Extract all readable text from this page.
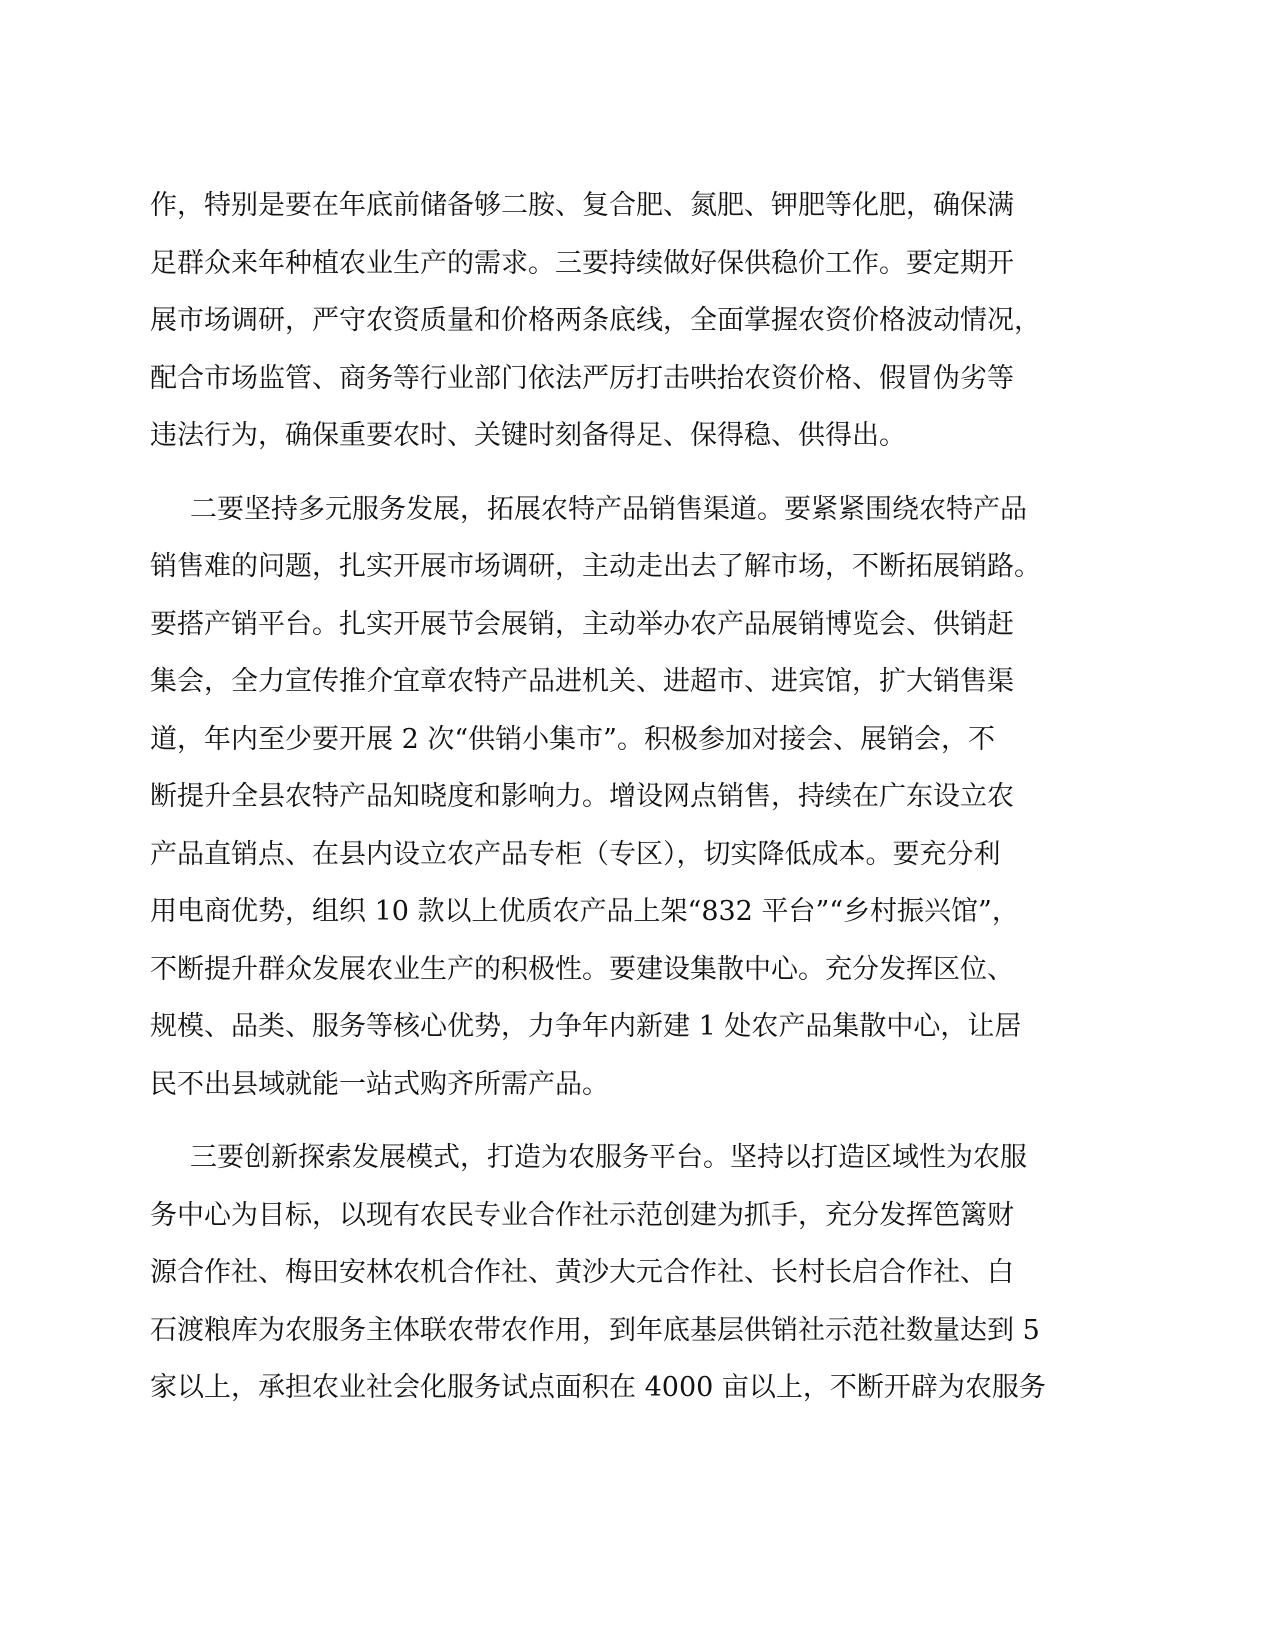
作，特别是要在年底前储备够二胺、复合肥、氮肥、钾肥等化肥，确保满
足群众来年种植农业生产的需求。三要持续做好保供稳价工作。要定期开
展市场调研，严守农资质量和价格两条底线，全面掌握农资价格波动情况，
配合市场监管、商务等行业部门依法严厉打击哄抬农资价格、假冒伪劣等
违法行为，确保重要农时、关键时刻备得足、保得稳、供得出。
二要坚持多元服务发展，拓展农特产品销售渠道。要紧紧围绕农特产品
销售难的问题，扎实开展市场调研，主动走出去了解市场，不断拓展销路。
要搭产销平台。扎实开展节会展销，主动举办农产品展销博览会、供销赶
集会，全力宣传推介宜章农特产品进机关、进超市、进宾馆，扩大销售渠
道，年内至少要开展 2 次“供销小集市”。积极参加对接会、展销会，不
断提升全县农特产品知晓度和影响力。增设网点销售，持续在广东设立农
产品直销点、在县内设立农产品专柜（专区），切实降低成本。要充分利
用电商优势，组织 10 款以上优质农产品上架“832 平台”“乡村振兴馆”，
不断提升群众发展农业生产的积极性。要建设集散中心。充分发挥区位、
规模、品类、服务等核心优势，力争年内新建 1 处农产品集散中心，让居
民不出县域就能一站式购齐所需产品。
三要创新探索发展模式，打造为农服务平台。坚持以打造区域性为农服
务中心为目标，以现有农民专业合作社示范创建为抓手，充分发挥笆篱财
源合作社、梅田安林农机合作社、黄沙大元合作社、长村长启合作社、白
石渡粮库为农服务主体联农带农作用，到年底基层供销社示范社数量达到 5
家以上，承担农业社会化服务试点面积在 4000 亩以上，不断开辟为农服务
